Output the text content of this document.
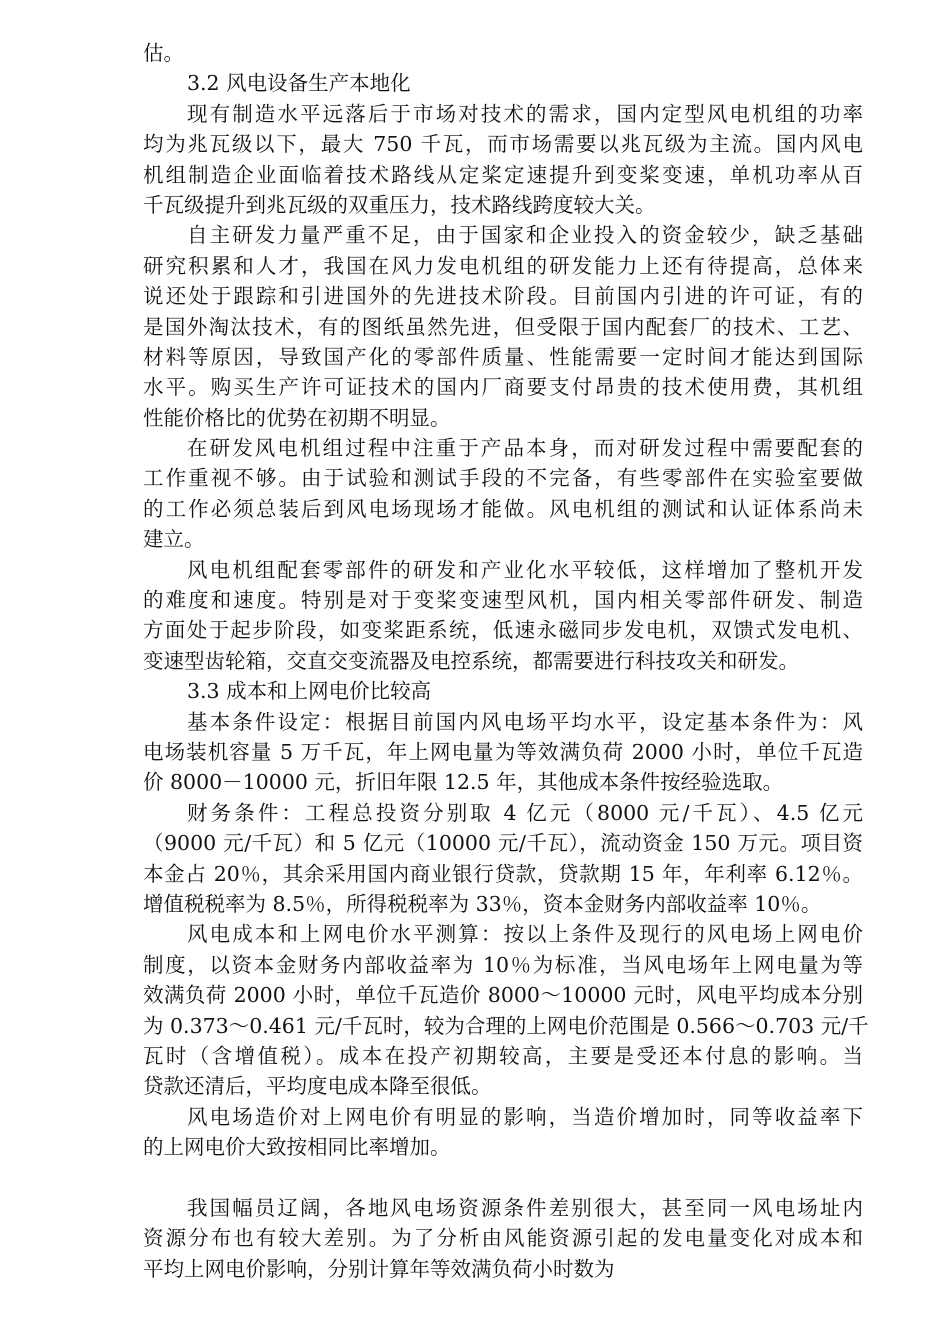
估。
3.2 风电设备生产本地化
现有制造水平远落后于市场对技术的需求，国内定型风电机组的功率
均为兆瓦级以下，最大 750 千瓦，而市场需要以兆瓦级为主流。国内风电
机组制造企业面临着技术路线从定桨定速提升到变桨变速，单机功率从百
千瓦级提升到兆瓦级的双重压力，技术路线跨度较大关。
自主研发力量严重不足，由于国家和企业投入的资金较少，缺乏基础
研究积累和人才，我国在风力发电机组的研发能力上还有待提高，总体来
说还处于跟踪和引进国外的先进技术阶段。目前国内引进的许可证，有的
是国外淘汰技术，有的图纸虽然先进，但受限于国内配套厂的技术、工艺、
材料等原因，导致国产化的零部件质量、性能需要一定时间才能达到国际
水平。购买生产许可证技术的国内厂商要支付昂贵的技术使用费，其机组
性能价格比的优势在初期不明显。
在研发风电机组过程中注重于产品本身，而对研发过程中需要配套的
工作重视不够。由于试验和测试手段的不完备，有些零部件在实验室要做
的工作必须总装后到风电场现场才能做。风电机组的测试和认证体系尚未
建立。
风电机组配套零部件的研发和产业化水平较低，这样增加了整机开发
的难度和速度。特别是对于变桨变速型风机，国内相关零部件研发、制造
方面处于起步阶段，如变桨距系统，低速永磁同步发电机，双馈式发电机、
变速型齿轮箱，交直交变流器及电控系统，都需要进行科技攻关和研发。
3.3 成本和上网电价比较高
基本条件设定：根据目前国内风电场平均水平，设定基本条件为：风
电场装机容量 5 万千瓦，年上网电量为等效满负荷 2000 小时，单位千瓦造
价 8000－10000 元，折旧年限 12.5 年，其他成本条件按经验选取。
财务条件：工程总投资分别取 4 亿元（8000 元/千瓦）、4.5 亿元
（9000 元/千瓦）和 5 亿元（10000 元/千瓦），流动资金 150 万元。项目资
本金占 20％，其余采用国内商业银行贷款，贷款期 15 年，年利率 6.12％。
增值税税率为 8.5％，所得税税率为 33％，资本金财务内部收益率 10％。
风电成本和上网电价水平测算：按以上条件及现行的风电场上网电价
制度，以资本金财务内部收益率为 10％为标准，当风电场年上网电量为等
效满负荷 2000 小时，单位千瓦造价 8000～10000 元时，风电平均成本分别
为 0.373～0.461 元/千瓦时，较为合理的上网电价范围是 0.566～0.703 元/千
瓦时（含增值税）。成本在投产初期较高，主要是受还本付息的影响。当
贷款还清后，平均度电成本降至很低。
风电场造价对上网电价有明显的影响，当造价增加时，同等收益率下
的上网电价大致按相同比率增加。
我国幅员辽阔，各地风电场资源条件差别很大，甚至同一风电场址内
资源分布也有较大差别。为了分析由风能资源引起的发电量变化对成本和
平均上网电价影响，分别计算年等效满负荷小时数为
